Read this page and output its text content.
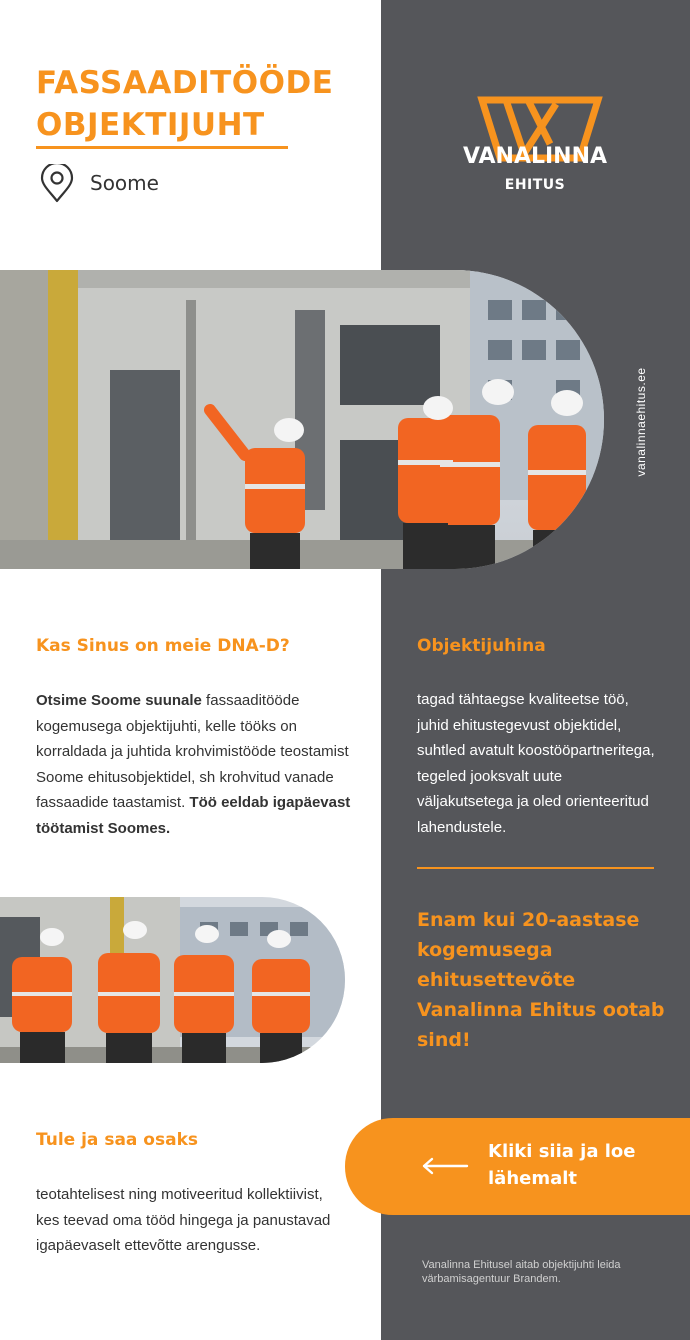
FASSAADITÖÖDE
OBJEKTIJUHT
Soome
VANALINNA
EHITUS
vanalinnaehitus.ee
Kas Sinus on meie DNA-D?
Otsime Soome suunale fassaaditööde kogemusega objektijuhti, kelle tööks on korraldada ja juhtida krohvimistööde teostamist Soome ehitusobjektidel, sh krohvitud vanade fassaadide taastamist. Töö eeldab igapäevast töötamist Soomes.
Objektijuhina
tagad tähtaegse kvaliteetse töö, juhid ehitustegevust objektidel, suhtled avatult koostööpartneritega, tegeled jooksvalt uute väljakutsetega ja oled orienteeritud lahendustele.
Enam kui 20-aastase kogemusega ehitusettevõte Vanalinna Ehitus ootab sind!
Tule ja saa osaks
teotahtelisest ning motiveeritud kollektiivist, kes teevad oma tööd hingega ja panustavad igapäevaselt ettevõtte arengusse.
Kliki siia ja loe lähemalt
Vanalinna Ehitusel aitab objektijuhti leida värbamisagentuur Brandem.
